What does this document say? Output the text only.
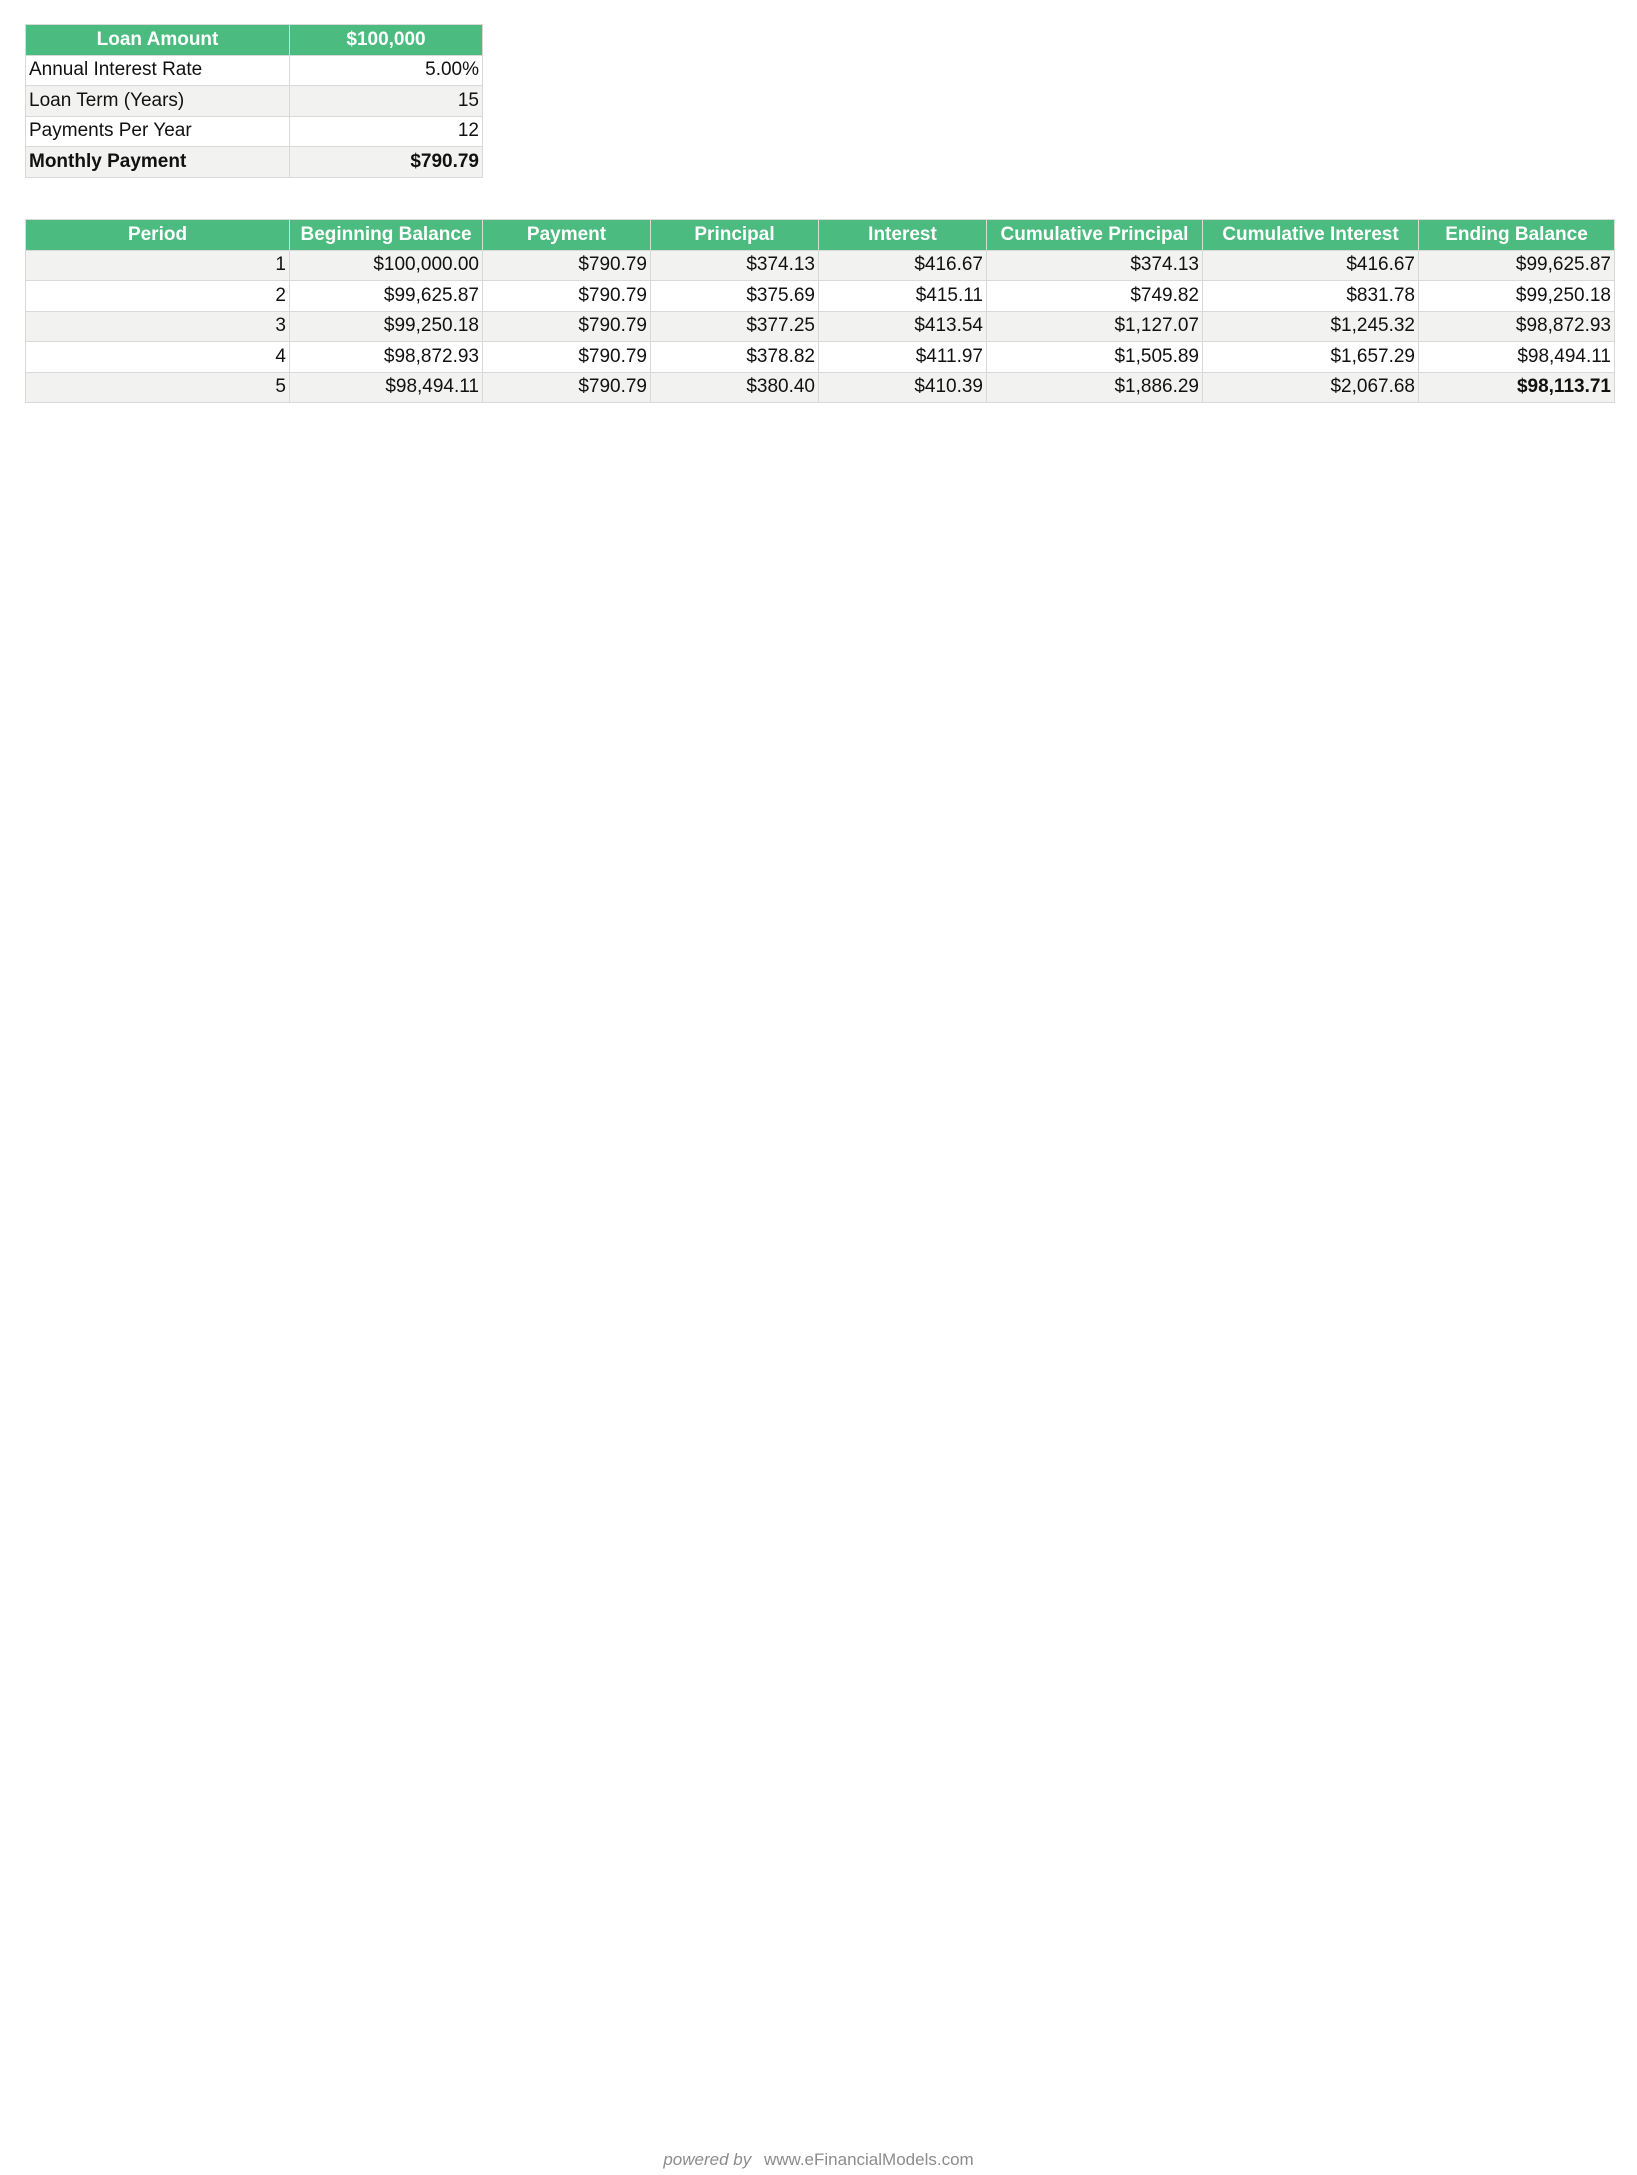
Loan Amount	$100,000
Annual Interest Rate	5.00%
Loan Term (Years)	15
Payments Per Year	12
Monthly Payment	$790.79
Period	Beginning Balance	Payment	Principal	Interest	Cumulative Principal	Cumulative Interest	Ending Balance
1	$100,000.00	$790.79	$374.13	$416.67	$374.13	$416.67	$99,625.87
2	$99,625.87	$790.79	$375.69	$415.11	$749.82	$831.78	$99,250.18
3	$99,250.18	$790.79	$377.25	$413.54	$1,127.07	$1,245.32	$98,872.93
4	$98,872.93	$790.79	$378.82	$411.97	$1,505.89	$1,657.29	$98,494.11
5	$98,494.11	$790.79	$380.40	$410.39	$1,886.29	$2,067.68	$98,113.71
powered by www.eFinancialModels.com
